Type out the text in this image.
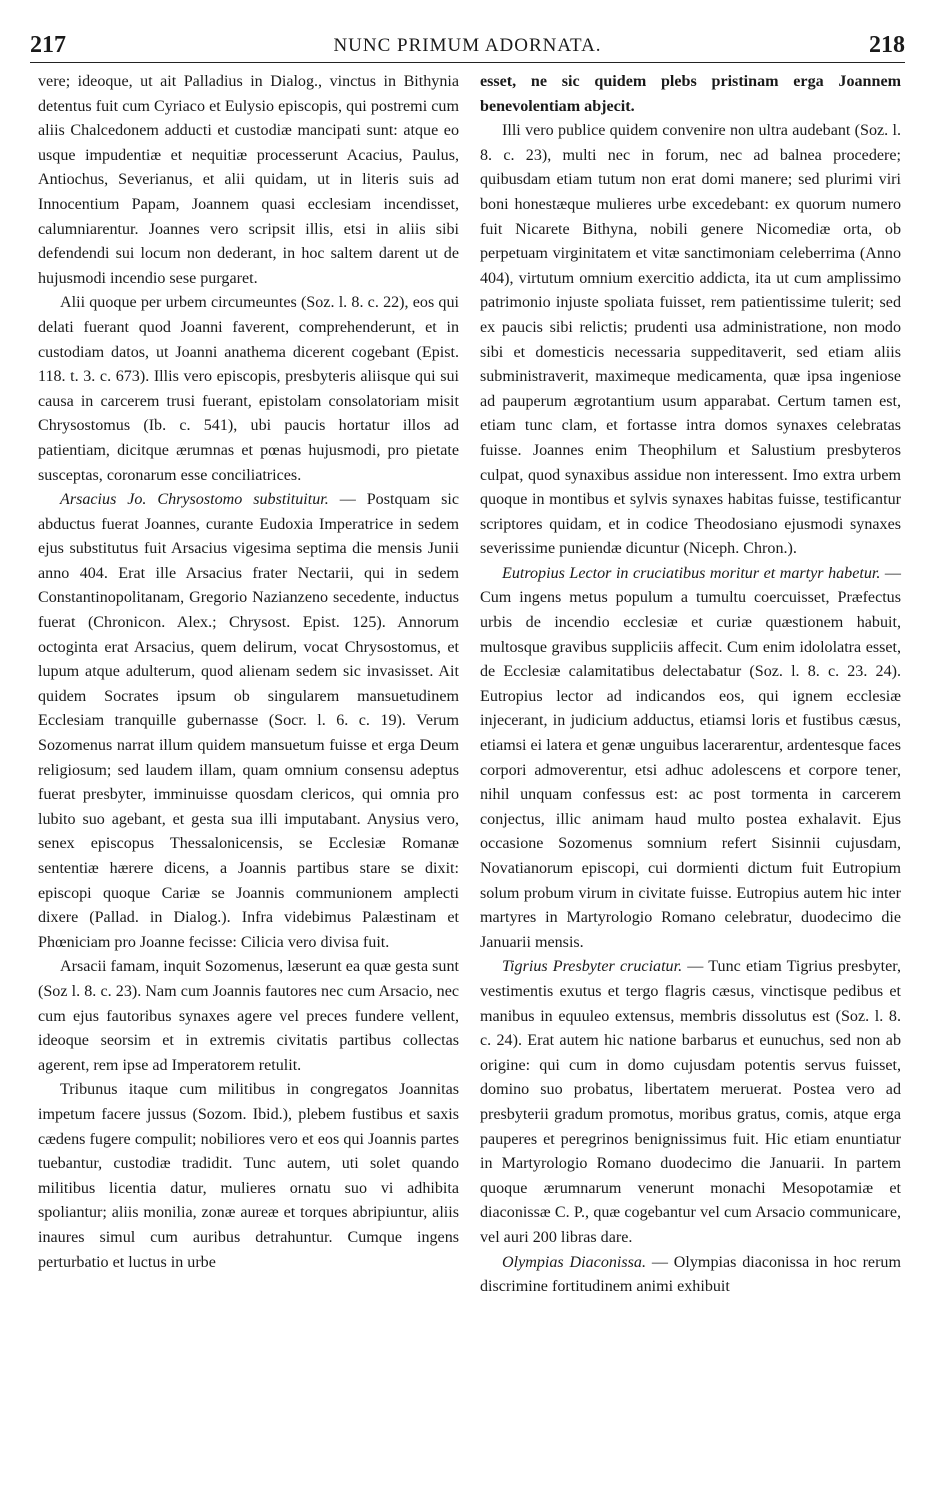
217	NUNC PRIMUM ADORNATA.	218

vere; ideoque, ut ait Palladius in Dialog., vinctus in Bithynia detentus fuit cum Cyriaco et Eulysio episcopis, qui postremi cum aliis Chalcedonem adducti et custodiæ mancipati sunt: atque eo usque impudentiæ et nequitiæ processerunt Acacius, Paulus, Antiochus, Severianus, et alii quidam, ut in literis suis ad Innocentium Papam, Joannem quasi ecclesiam incendisset, calumniarentur. Joannes vero scripsit illis, etsi in aliis sibi defendendi sui locum non dederant, in hoc saltem darent ut de hujusmodi incendio sese purgaret.

Alii quoque per urbem circumeuntes (Soz. l. 8. c. 22), eos qui delati fuerant quod Joanni faverent, comprehenderunt, et in custodiam datos, ut Joanni anathema dicerent cogebant (Epist. 118. t. 3. c. 673). Illis vero episcopis, presbyteris aliisque qui sui causa in carcerem trusi fuerant, epistolam consolatoriam misit Chrysostomus (Ib. c. 541), ubi paucis hortatur illos ad patientiam, dicitque ærumnas et pœnas hujusmodi, pro pietate susceptas, coronarum esse conciliatrices.

Arsacius Jo. Chrysostomo substituitur. — Postquam sic abductus fuerat Joannes, curante Eudoxia Imperatrice in sedem ejus substitutus fuit Arsacius vigesima septima die mensis Junii anno 404. Erat ille Arsacius frater Nectarii, qui in sedem Constantinopolitanam, Gregorio Nazianzeno secedente, inductus fuerat (Chronicon. Alex.; Chrysost. Epist. 125). Annorum octoginta erat Arsacius, quem delirum, vocat Chrysostomus, et lupum atque adulterum, quod alienam sedem sic invasisset. Ait quidem Socrates ipsum ob singularem mansuetudinem Ecclesiam tranquille gubernasse (Socr. l. 6. c. 19). Verum Sozomenus narrat illum quidem mansuetum fuisse et erga Deum religiosum; sed laudem illam, quam omnium consensu adeptus fuerat presbyter, imminuisse quosdam clericos, qui omnia pro lubito suo agebant, et gesta sua illi imputabant. Anysius vero, senex episcopus Thessalonicensis, se Ecclesiæ Romanæ sententiæ hærere dicens, a Joannis partibus stare se dixit: episcopi quoque Cariæ se Joannis communionem amplecti dixere (Pallad. in Dialog.). Infra videbimus Palæstinam et Phœniciam pro Joanne fecisse: Cilicia vero divisa fuit.

Arsacii famam, inquit Sozomenus, læserunt ea quæ gesta sunt (Soz l. 8. c. 23). Nam cum Joannis fautores nec cum Arsacio, nec cum ejus fautoribus synaxes agere vel preces fundere vellent, ideoque seorsim et in extremis civitatis partibus collectas agerent, rem ipse ad Imperatorem retulit.

Tribunus itaque cum militibus in congregatos Joannitas impetum facere jussus (Sozom. Ibid.), plebem fustibus et saxis cædens fugere compulit; nobiliores vero et eos qui Joannis partes tuebantur, custodiæ tradidit. Tunc autem, uti solet quando militibus licentia datur, mulieres ornatu suo vi adhibita spoliantur; aliis monilia, zonæ aureæ et torques abripiuntur, aliis inaures simul cum auribus detrahuntur. Cumque ingens perturbatio et luctus in urbe

esset, ne sic quidem plebs pristinam erga Joannem benevolentiam abjecit.

Illi vero publice quidem convenire non ultra audebant (Soz. l. 8. c. 23), multi nec in forum, nec ad balnea procedere; quibusdam etiam tutum non erat domi manere; sed plurimi viri boni honestæque mulieres urbe excedebant: ex quorum numero fuit Nicarete Bithyna, nobili genere Nicomediæ orta, ob perpetuam virginitatem et vitæ sanctimoniam celeberrima (Anno 404), virtutum omnium exercitio addicta, ita ut cum amplissimo patrimonio injuste spoliata fuisset, rem patientissime tulerit; sed ex paucis sibi relictis; prudenti usa administratione, non modo sibi et domesticis necessaria suppeditaverit, sed etiam aliis subministraverit, maximeque medicamenta, quæ ipsa ingeniose ad pauperum ægrotantium usum apparabat. Certum tamen est, etiam tunc clam, et fortasse intra domos synaxes celebratas fuisse. Joannes enim Theophilum et Salustium presbyteros culpat, quod synaxibus assidue non interessent. Imo extra urbem quoque in montibus et sylvis synaxes habitas fuisse, testificantur scriptores quidam, et in codice Theodosiano ejusmodi synaxes severissime puniendæ dicuntur (Niceph. Chron.).

Eutropius Lector in cruciatibus moritur et martyr habetur. — Cum ingens metus populum a tumultu coercuisset, Præfectus urbis de incendio ecclesiæ et curiæ quæstionem habuit, multosque gravibus suppliciis affecit. Cum enim idololatra esset, de Ecclesiæ calamitatibus delectabatur (Soz. l. 8. c. 23. 24). Eutropius lector ad indicandos eos, qui ignem ecclesiæ injecerant, in judicium adductus, etiamsi loris et fustibus cæsus, etiamsi ei latera et genæ unguibus lacerarentur, ardentesque faces corpori admoverentur, etsi adhuc adolescens et corpore tener, nihil unquam confessus est: ac post tormenta in carcerem conjectus, illic animam haud multo postea exhalavit. Ejus occasione Sozomenus somnium refert Sisinnii cujusdam, Novatianorum episcopi, cui dormienti dictum fuit Eutropium solum probum virum in civitate fuisse. Eutropius autem hic inter martyres in Martyrologio Romano celebratur, duodecimo die Januarii mensis.

Tigrius Presbyter cruciatur. — Tunc etiam Tigrius presbyter, vestimentis exutus et tergo flagris cæsus, vinctisque pedibus et manibus in equuleo extensus, membris dissolutus est (Soz. l. 8. c. 24). Erat autem hic natione barbarus et eunuchus, sed non ab origine: qui cum in domo cujusdam potentis servus fuisset, domino suo probatus, libertatem meruerat. Postea vero ad presbyterii gradum promotus, moribus gratus, comis, atque erga pauperes et peregrinos benignissimus fuit. Hic etiam enuntiatur in Martyrologio Romano duodecimo die Januarii. In partem quoque ærumnarum venerunt monachi Mesopotamiæ et diaconissæ C. P., quæ cogebantur vel cum Arsacio communicare, vel auri 200 libras dare.

Olympias Diaconissa. — Olympias diaconissa in hoc rerum discrimine fortitudinem animi exhibuit
